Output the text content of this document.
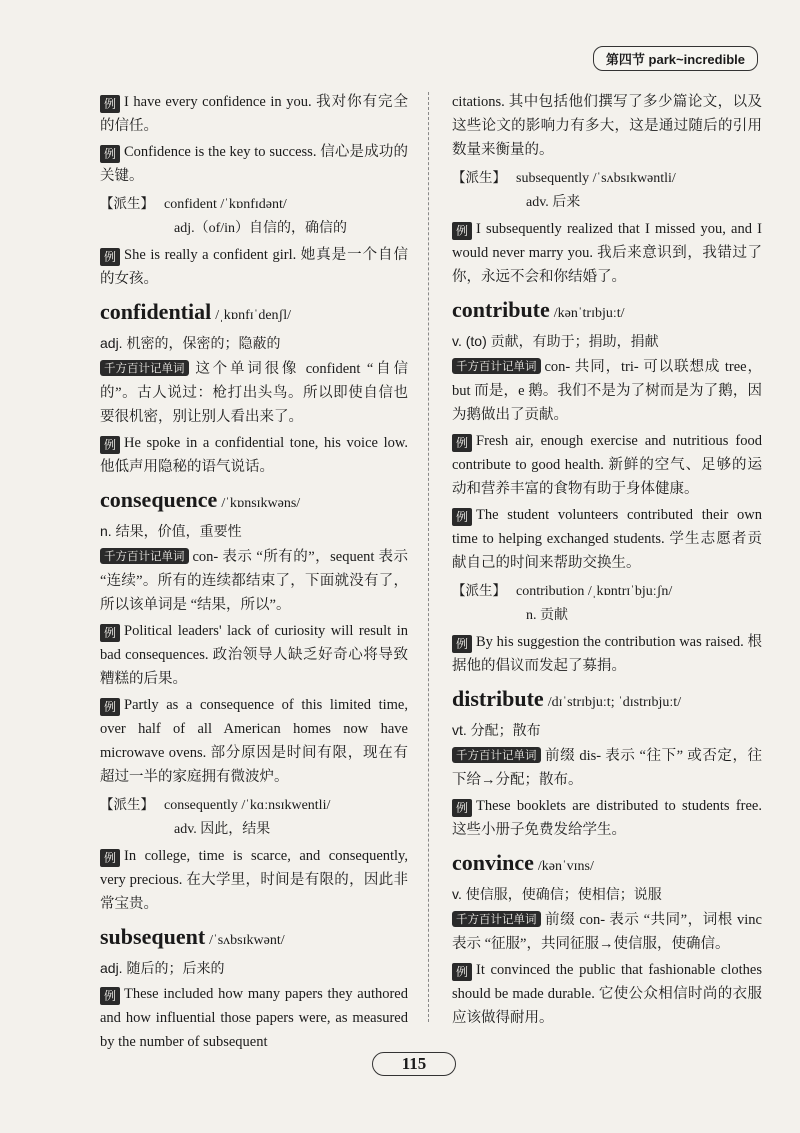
第四节 park~incredible
例 I have every confidence in you. 我对你有完全的信任。
例 Confidence is the key to success. 信心是成功的关键。
【派生】 confident /ˈkɒnfɪdənt/
adj.（of/in）自信的，确信的
例 She is really a confident girl. 她真是一个自信的女孩。
confidential /ˌkɒnfɪˈdenʃl/
adj. 机密的，保密的；隐蔽的
千方百计记单词 这个单词很像 confident “自信的”。古人说过：枪打出头鸟。所以即使自信也要很机密，别让别人看出来了。
例 He spoke in a confidential tone, his voice low. 他低声用隐秘的语气说话。
consequence /ˈkɒnsɪkwəns/
n. 结果，价值，重要性
千方百计记单词 con- 表示 “所有的”，sequent 表示 “连续”。所有的连续都结束了，下面就没有了，所以该单词是 “结果，所以”。
例 Political leaders' lack of curiosity will result in bad consequences. 政治领导人缺乏好奇心将导致糟糕的后果。
例 Partly as a consequence of this limited time, over half of all American homes now have microwave ovens. 部分原因是时间有限，现在有超过一半的家庭拥有微波炉。
【派生】 consequently /ˈkɑːnsɪkwentli/
adv. 因此，结果
例 In college, time is scarce, and consequently, very precious. 在大学里，时间是有限的，因此非常宝贵。
subsequent /ˈsʌbsɪkwənt/
adj. 随后的；后来的
例 These included how many papers they authored and how influential those papers were, as measured by the number of subsequent
citations. 其中包括他们撰写了多少篇论文，以及这些论文的影响力有多大，这是通过随后的引用数量来衡量的。
【派生】 subsequently /ˈsʌbsɪkwəntli/
adv. 后来
例 I subsequently realized that I missed you, and I would never marry you. 我后来意识到，我错过了你，永远不会和你结婚了。
contribute /kənˈtrɪbjuːt/
v. (to) 贡献，有助于；捐助，捐献
千方百计记单词 con- 共同，tri- 可以联想成 tree，but 而是，e 鹅。我们不是为了树而是为了鹅，因为鹅做出了贡献。
例 Fresh air, enough exercise and nutritious food contribute to good health. 新鲜的空气、足够的运动和营养丰富的食物有助于身体健康。
例 The student volunteers contributed their own time to helping exchanged students. 学生志愿者贡献自己的时间来帮助交换生。
【派生】 contribution /ˌkɒntrɪˈbjuːʃn/
n. 贡献
例 By his suggestion the contribution was raised. 根据他的倡议而发起了募捐。
distribute /dɪˈstrɪbjuːt; ˈdɪstrɪbjuːt/
vt. 分配；散布
千方百计记单词 前缀 dis- 表示 “往下” 或否定，往下给→分配；散布。
例 These booklets are distributed to students free. 这些小册子免费发给学生。
convince /kənˈvɪns/
v. 使信服，使确信；使相信；说服
千方百计记单词 前缀 con- 表示 “共同”，词根 vinc 表示 “征服”，共同征服→使信服，使确信。
例 It convinced the public that fashionable clothes should be made durable. 它使公众相信时尚的衣服应该做得耐用。
115
